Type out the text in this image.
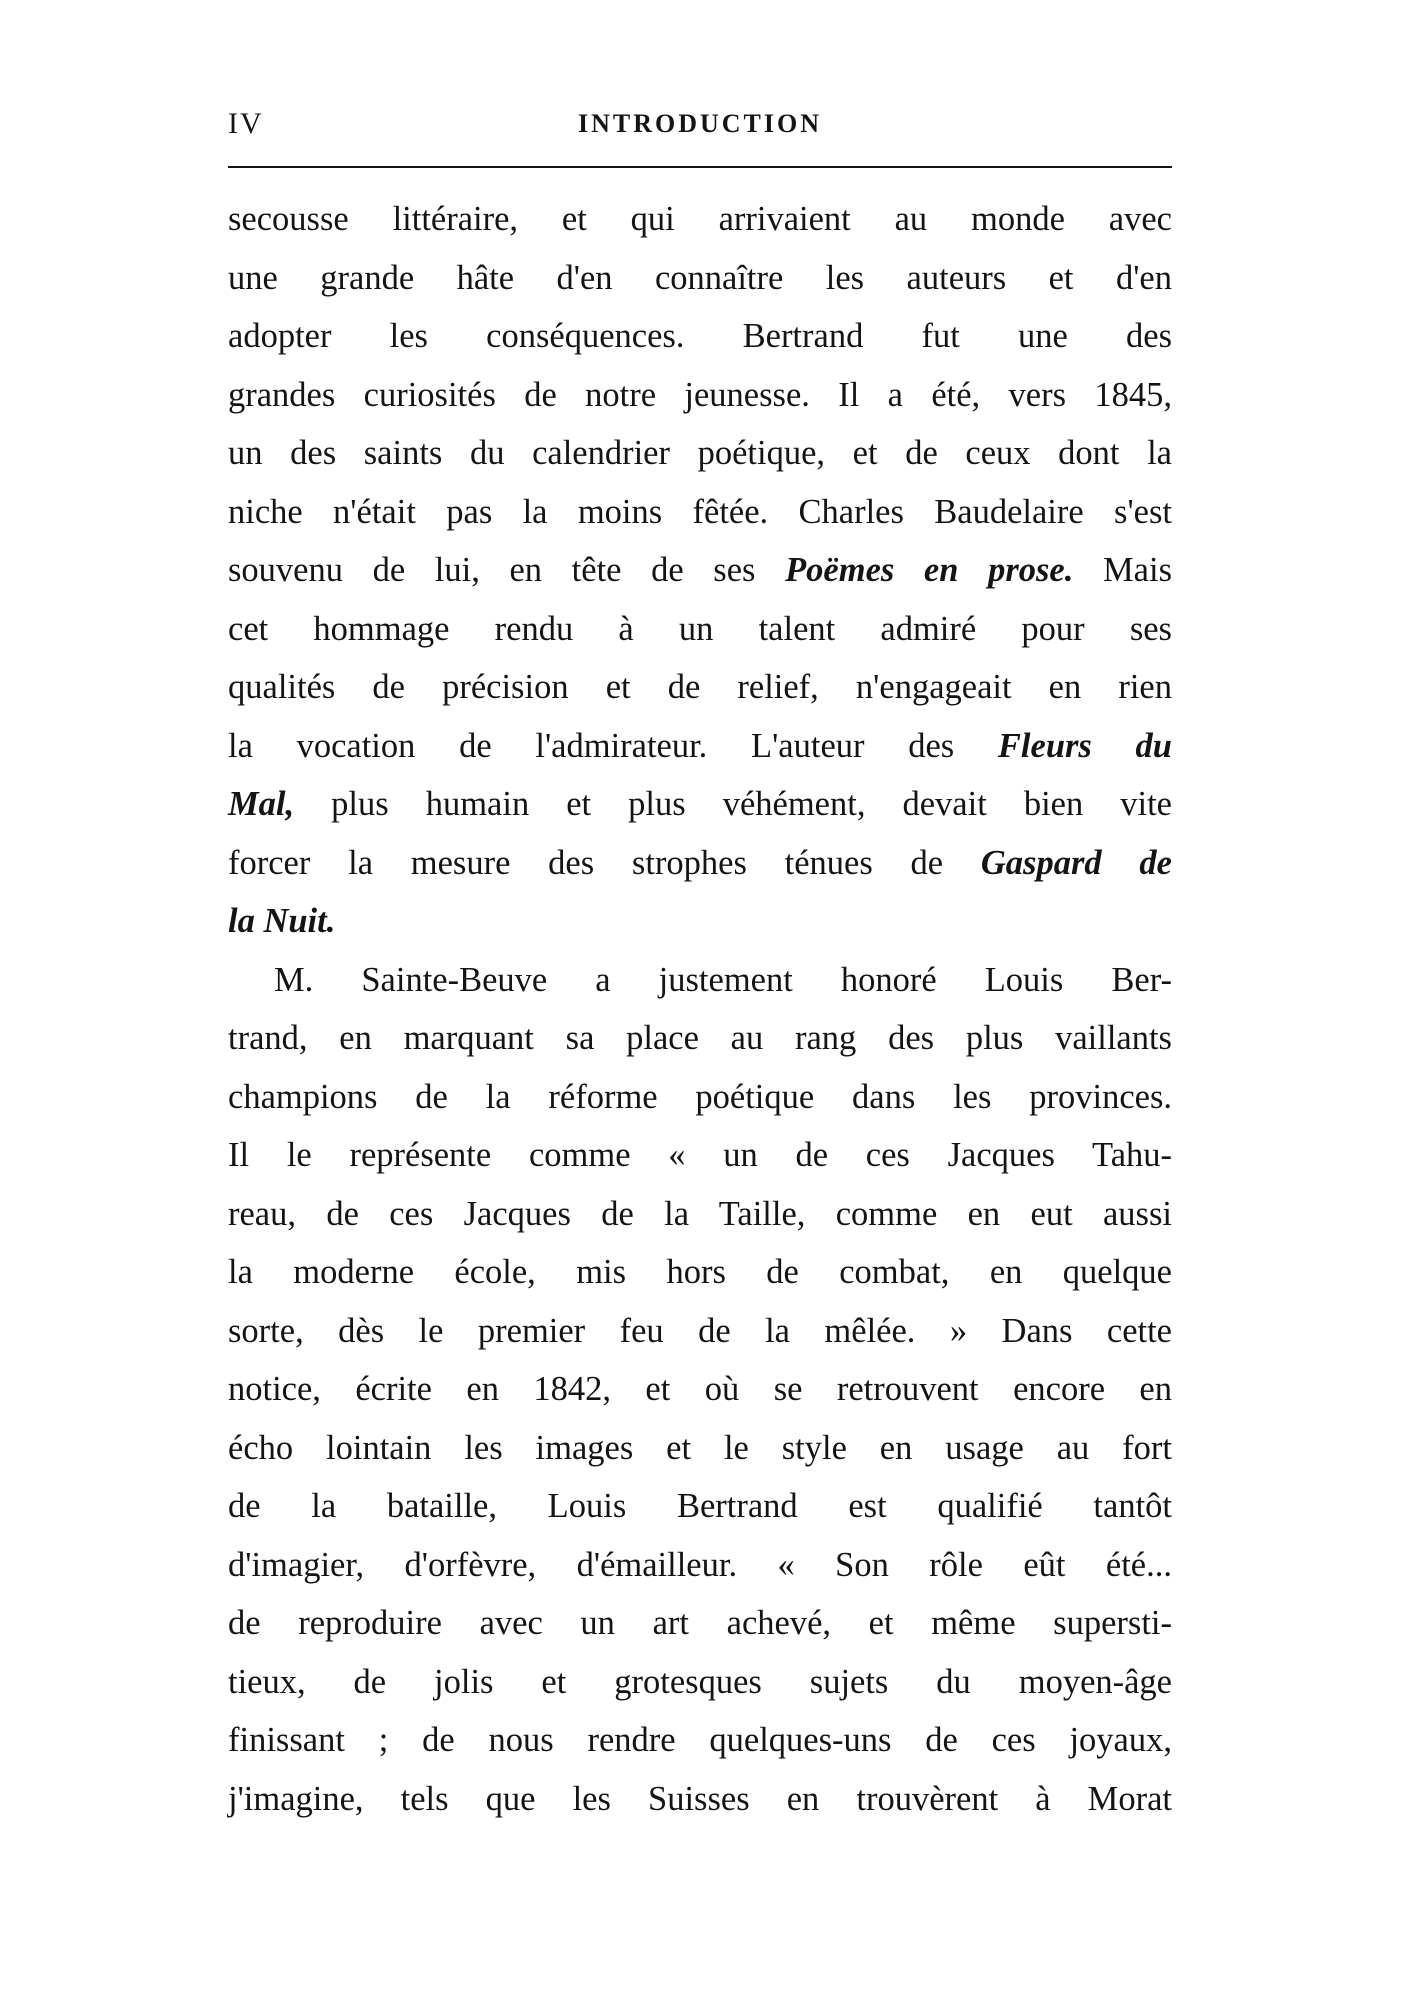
IV	INTRODUCTION
secousse littéraire, et qui arrivaient au monde avec
une grande hâte d'en connaître les auteurs et d'en
adopter les conséquences. Bertrand fut une des
grandes curiosités de notre jeunesse. Il a été, vers 1845,
un des saints du calendrier poétique, et de ceux dont la
niche n'était pas la moins fêtée. Charles Baudelaire s'est
souvenu de lui, en tête de ses Poëmes en prose. Mais
cet hommage rendu à un talent admiré pour ses
qualités de précision et de relief, n'engageait en rien
la vocation de l'admirateur. L'auteur des Fleurs du
Mal, plus humain et plus véhément, devait bien vite
forcer la mesure des strophes ténues de Gaspard de
la Nuit.
M. Sainte-Beuve a justement honoré Louis Ber-
trand, en marquant sa place au rang des plus vaillants
champions de la réforme poétique dans les provinces.
Il le représente comme « un de ces Jacques Tahu-
reau, de ces Jacques de la Taille, comme en eut aussi
la moderne école, mis hors de combat, en quelque
sorte, dès le premier feu de la mêlée. » Dans cette
notice, écrite en 1842, et où se retrouvent encore en
écho lointain les images et le style en usage au fort
de la bataille, Louis Bertrand est qualifié tantôt
d'imagier, d'orfèvre, d'émailleur. « Son rôle eût été...
de reproduire avec un art achevé, et même supersti-
tieux, de jolis et grotesques sujets du moyen-âge
finissant ; de nous rendre quelques-uns de ces joyaux,
j'imagine, tels que les Suisses en trouvèrent à Morat
